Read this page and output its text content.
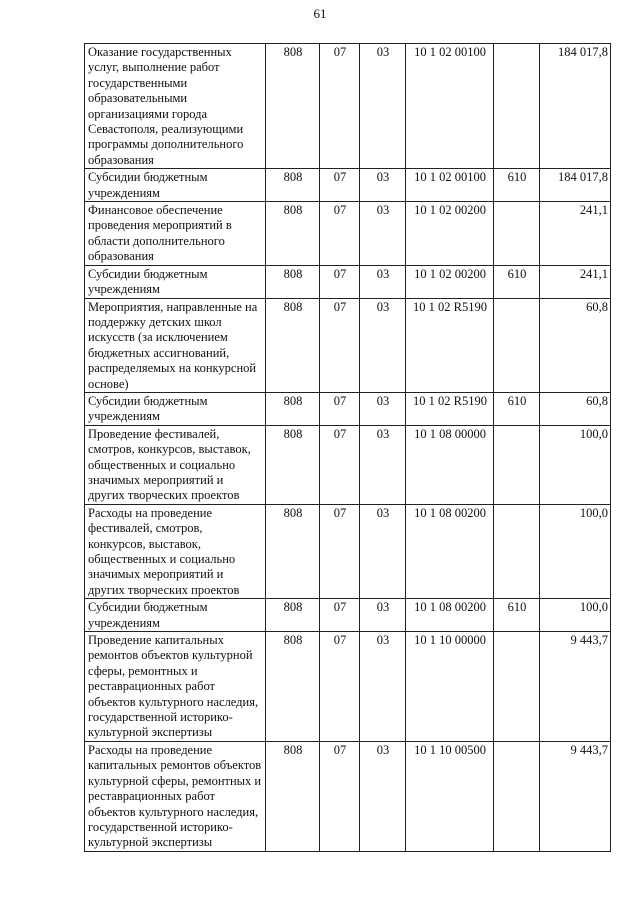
61
Оказание государственных услуг, выполнение работ государственными образовательными организациями города Севастополя, реализующими программы дополнительного образования	808	07	03	10 1 02 00100		184 017,8
Субсидии бюджетным учреждениям	808	07	03	10 1 02 00100	610	184 017,8
Финансовое обеспечение проведения мероприятий в области дополнительного образования	808	07	03	10 1 02 00200		241,1
Субсидии бюджетным учреждениям	808	07	03	10 1 02 00200	610	241,1
Мероприятия, направленные на поддержку детских школ искусств (за исключением бюджетных ассигнований, распределяемых на конкурсной основе)	808	07	03	10 1 02 R5190		60,8
Субсидии бюджетным учреждениям	808	07	03	10 1 02 R5190	610	60,8
Проведение фестивалей, смотров, конкурсов, выставок, общественных и социально значимых мероприятий и других творческих проектов	808	07	03	10 1 08 00000		100,0
Расходы на проведение фестивалей, смотров, конкурсов, выставок, общественных и социально значимых мероприятий и других творческих проектов	808	07	03	10 1 08 00200		100,0
Субсидии бюджетным учреждениям	808	07	03	10 1 08 00200	610	100,0
Проведение капитальных ремонтов объектов культурной сферы, ремонтных и реставрационных работ объектов культурного наследия, государственной историко-культурной экспертизы	808	07	03	10 1 10 00000		9 443,7
Расходы на проведение капитальных ремонтов объектов культурной сферы, ремонтных и реставрационных работ объектов культурного наследия, государственной историко-культурной экспертизы	808	07	03	10 1 10 00500		9 443,7
